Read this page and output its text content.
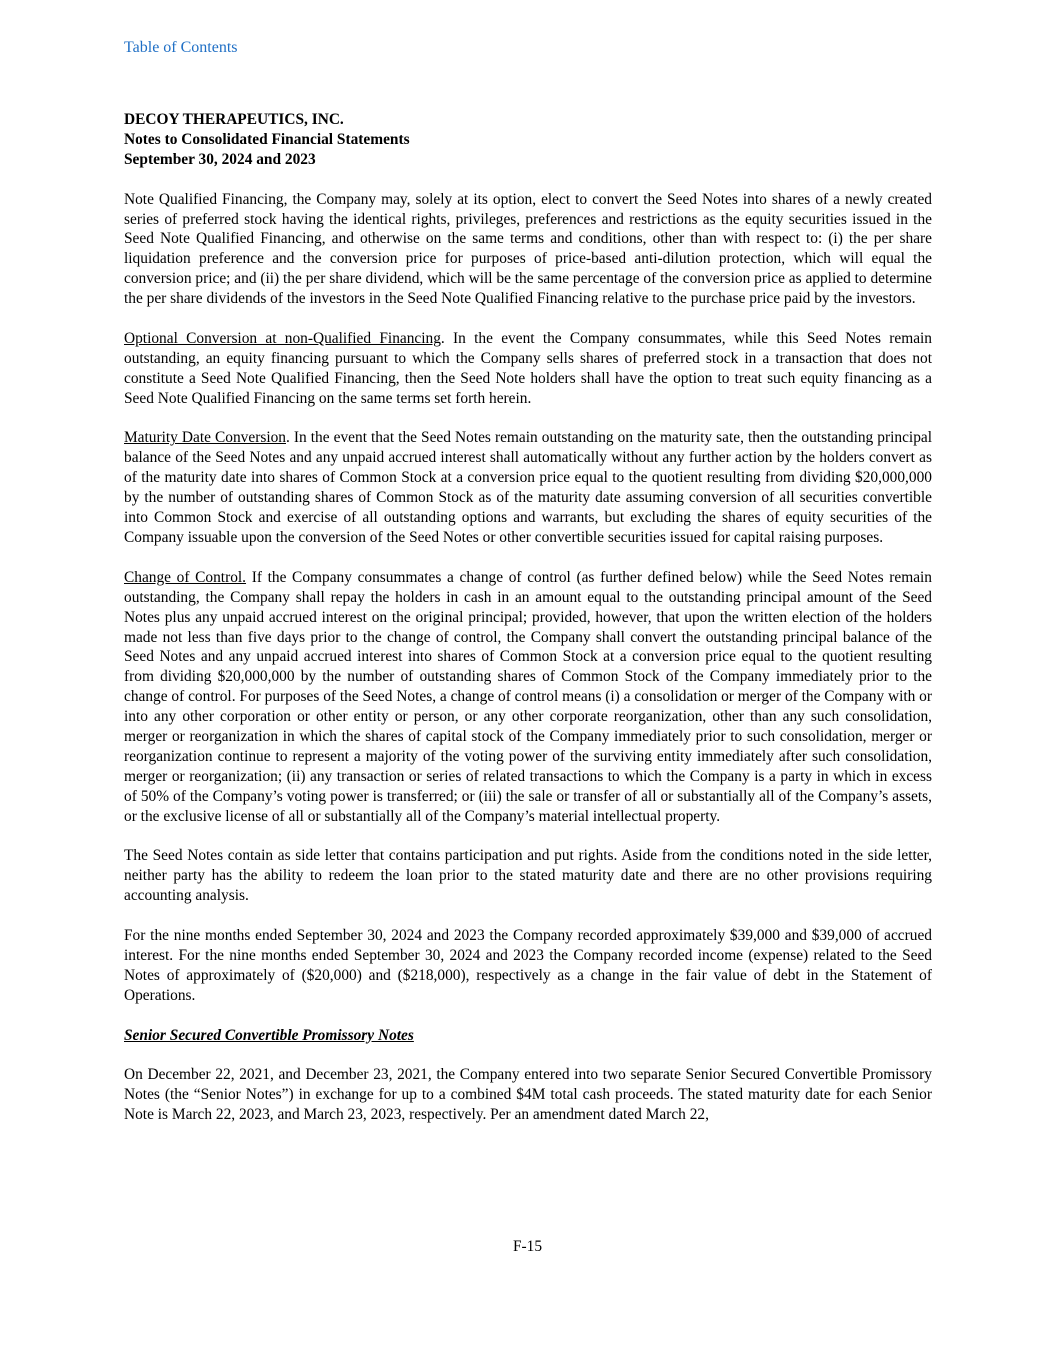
Table of Contents
DECOY THERAPEUTICS, INC.
Notes to Consolidated Financial Statements
September 30, 2024 and 2023

Note Qualified Financing, the Company may, solely at its option, elect to convert the Seed Notes into shares of a newly created series of preferred stock having the identical rights, privileges, preferences and restrictions as the equity securities issued in the Seed Note Qualified Financing, and otherwise on the same terms and conditions, other than with respect to: (i) the per share liquidation preference and the conversion price for purposes of price-based anti-dilution protection, which will equal the conversion price; and (ii) the per share dividend, which will be the same percentage of the conversion price as applied to determine the per share dividends of the investors in the Seed Note Qualified Financing relative to the purchase price paid by the investors.

Optional Conversion at non-Qualified Financing. In the event the Company consummates, while this Seed Notes remain outstanding, an equity financing pursuant to which the Company sells shares of preferred stock in a transaction that does not constitute a Seed Note Qualified Financing, then the Seed Note holders shall have the option to treat such equity financing as a Seed Note Qualified Financing on the same terms set forth herein.

Maturity Date Conversion. In the event that the Seed Notes remain outstanding on the maturity sate, then the outstanding principal balance of the Seed Notes and any unpaid accrued interest shall automatically without any further action by the holders convert as of the maturity date into shares of Common Stock at a conversion price equal to the quotient resulting from dividing $20,000,000 by the number of outstanding shares of Common Stock as of the maturity date assuming conversion of all securities convertible into Common Stock and exercise of all outstanding options and warrants, but excluding the shares of equity securities of the Company issuable upon the conversion of the Seed Notes or other convertible securities issued for capital raising purposes.

Change of Control. If the Company consummates a change of control (as further defined below) while the Seed Notes remain outstanding, the Company shall repay the holders in cash in an amount equal to the outstanding principal amount of the Seed Notes plus any unpaid accrued interest on the original principal; provided, however, that upon the written election of the holders made not less than five days prior to the change of control, the Company shall convert the outstanding principal balance of the Seed Notes and any unpaid accrued interest into shares of Common Stock at a conversion price equal to the quotient resulting from dividing $20,000,000 by the number of outstanding shares of Common Stock of the Company immediately prior to the change of control. For purposes of the Seed Notes, a change of control means (i) a consolidation or merger of the Company with or into any other corporation or other entity or person, or any other corporate reorganization, other than any such consolidation, merger or reorganization in which the shares of capital stock of the Company immediately prior to such consolidation, merger or reorganization continue to represent a majority of the voting power of the surviving entity immediately after such consolidation, merger or reorganization; (ii) any transaction or series of related transactions to which the Company is a party in which in excess of 50% of the Company’s voting power is transferred; or (iii) the sale or transfer of all or substantially all of the Company’s assets, or the exclusive license of all or substantially all of the Company’s material intellectual property.

The Seed Notes contain as side letter that contains participation and put rights. Aside from the conditions noted in the side letter, neither party has the ability to redeem the loan prior to the stated maturity date and there are no other provisions requiring accounting analysis.

For the nine months ended September 30, 2024 and 2023 the Company recorded approximately $39,000 and $39,000 of accrued interest. For the nine months ended September 30, 2024 and 2023 the Company recorded income (expense) related to the Seed Notes of approximately of ($20,000) and ($218,000), respectively as a change in the fair value of debt in the Statement of Operations.

Senior Secured Convertible Promissory Notes

On December 22, 2021, and December 23, 2021, the Company entered into two separate Senior Secured Convertible Promissory Notes (the “Senior Notes”) in exchange for up to a combined $4M total cash proceeds. The stated maturity date for each Senior Note is March 22, 2023, and March 23, 2023, respectively. Per an amendment dated March 22,

F-15
